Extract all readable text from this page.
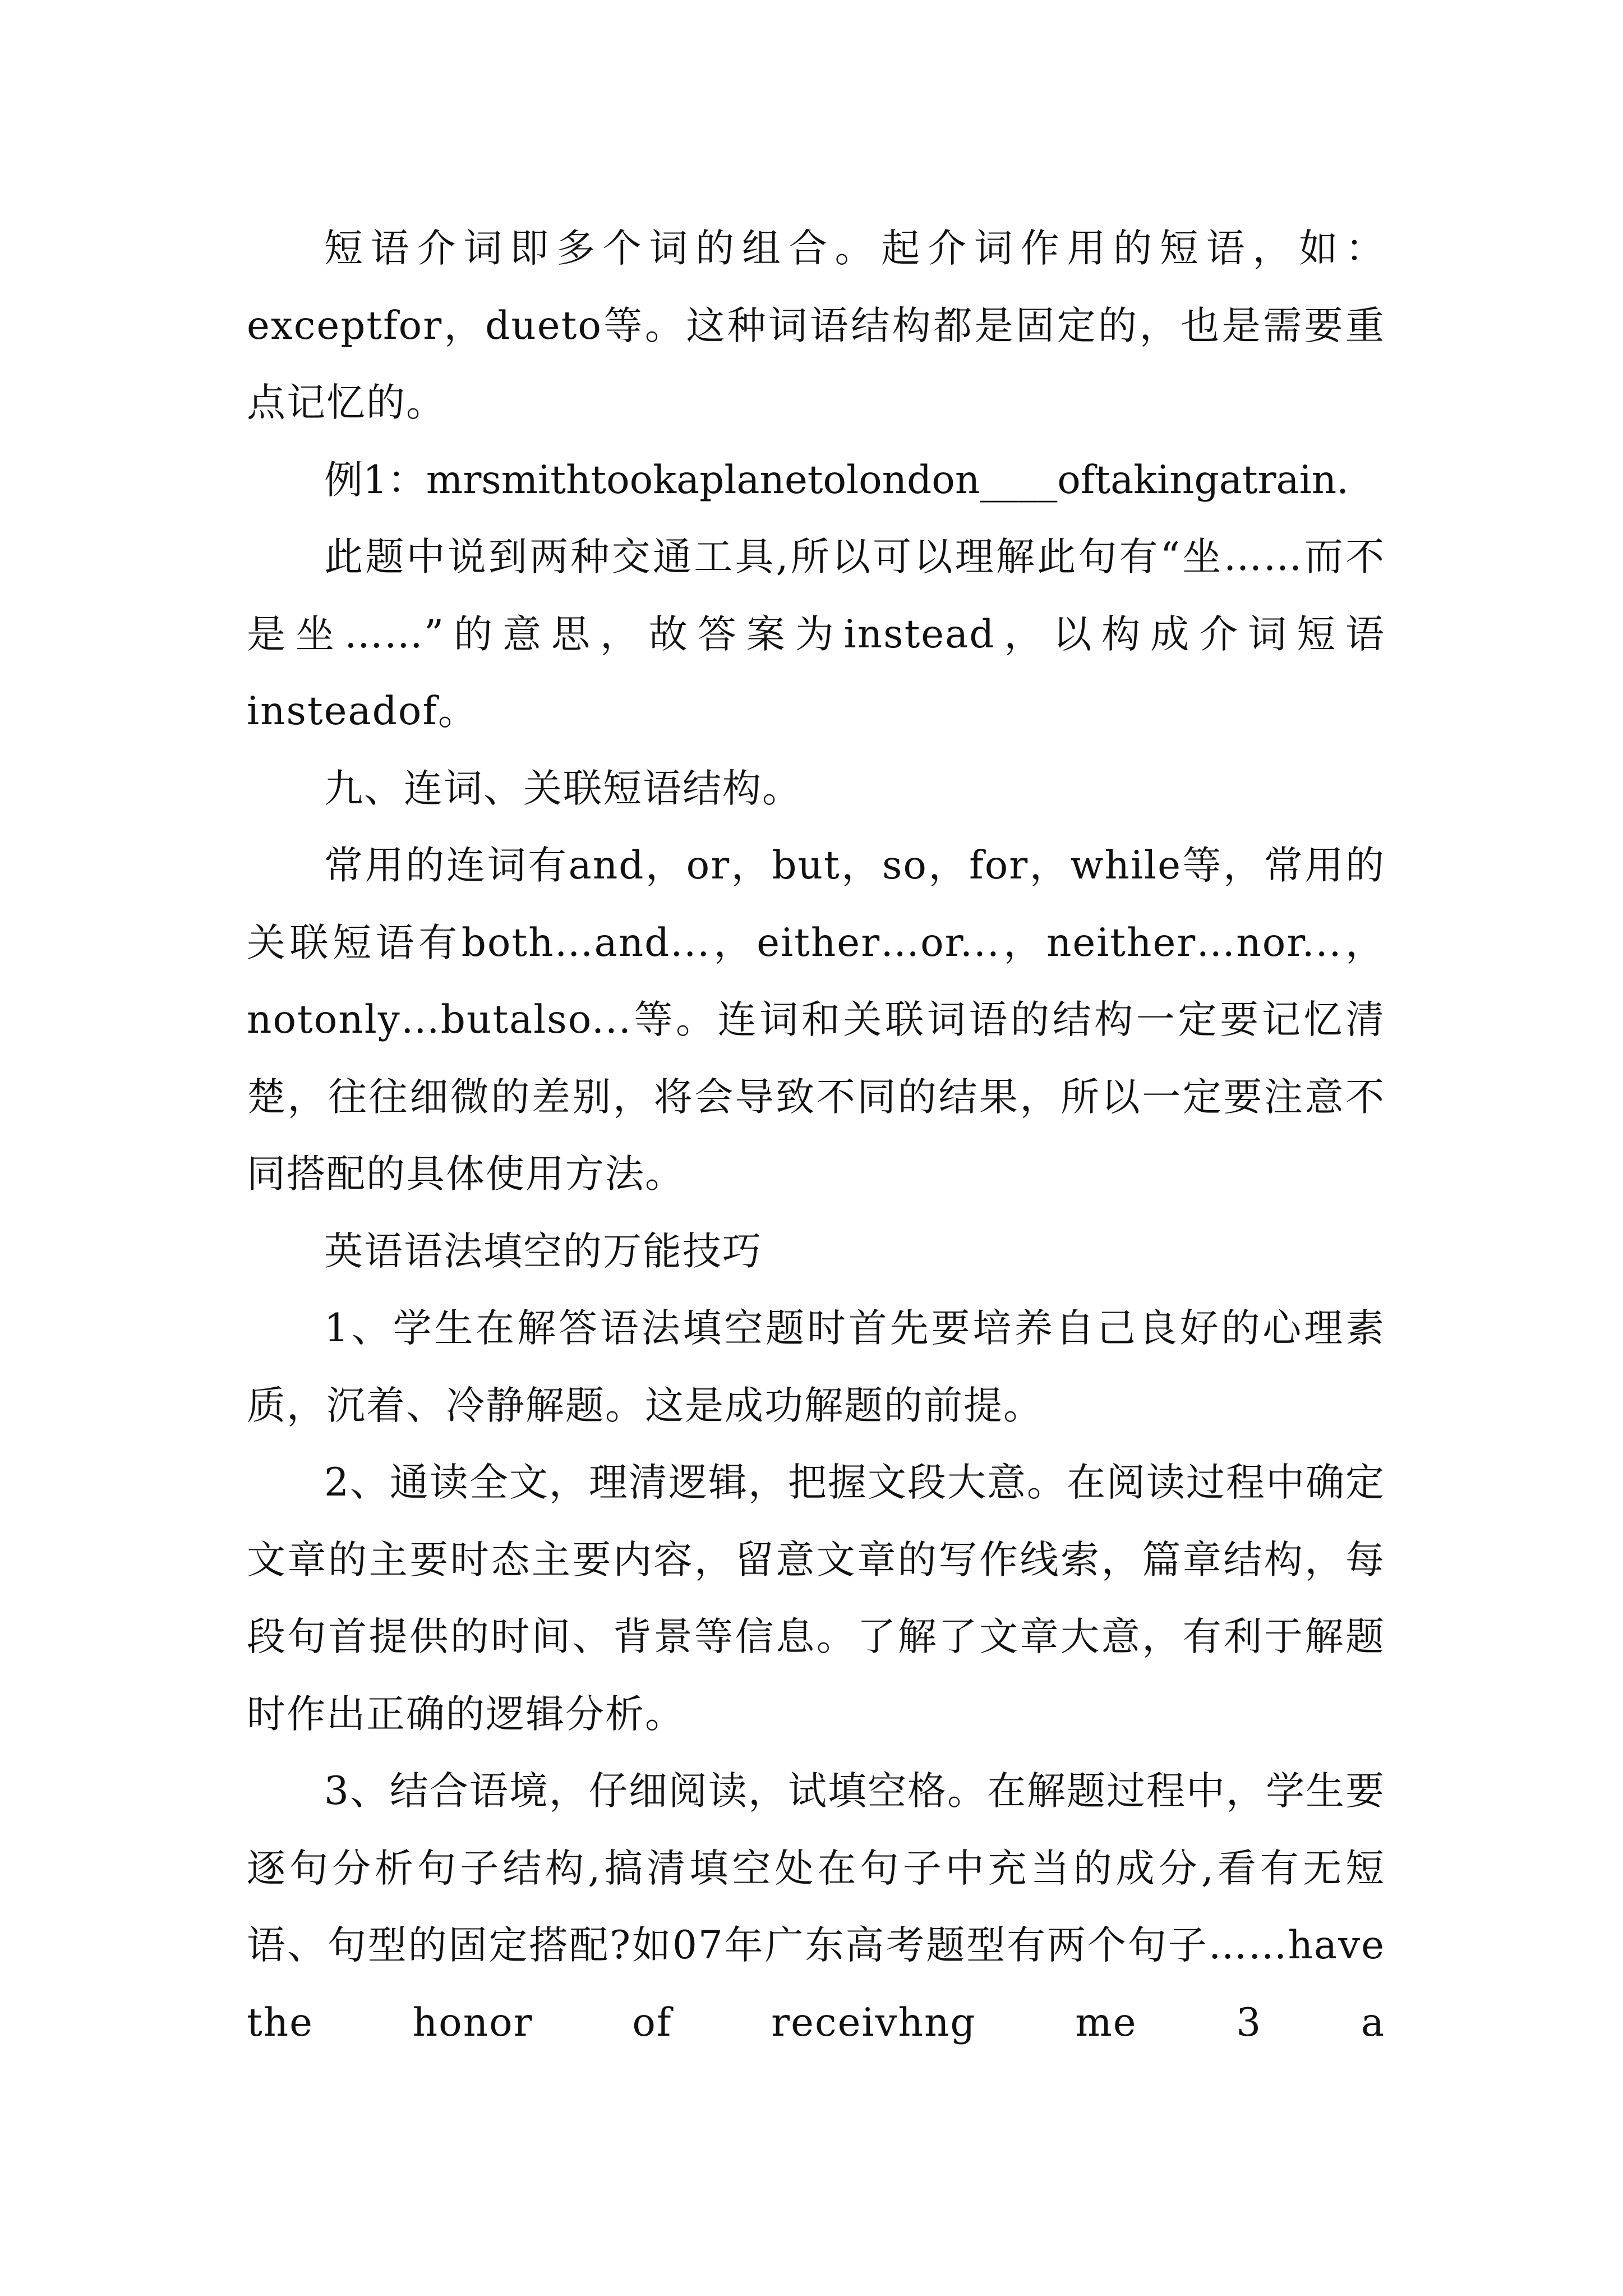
短语介词即多个词的组合。起介词作用的短语，如：exceptfor，dueto等。这种词语结构都是固定的，也是需要重点记忆的。

例1：mrsmithtookaplanetolondon____oftakingatrain.

此题中说到两种交通工具,所以可以理解此句有“坐……而不是坐……”的意思，故答案为instead，以构成介词短语insteadof。

九、连词、关联短语结构。

常用的连词有and，or，but，so，for，while等，常用的关联短语有both…and...，either…or...，neither…nor...，notonly…butalso...等。连词和关联词语的结构一定要记忆清楚，往往细微的差别，将会导致不同的结果，所以一定要注意不同搭配的具体使用方法。

英语语法填空的万能技巧

1、学生在解答语法填空题时首先要培养自己良好的心理素质，沉着、冷静解题。这是成功解题的前提。

2、通读全文，理清逻辑，把握文段大意。在阅读过程中确定文章的主要时态主要内容，留意文章的写作线索，篇章结构，每段句首提供的时间、背景等信息。了解了文章大意，有利于解题时作出正确的逻辑分析。

3、结合语境，仔细阅读，试填空格。在解题过程中，学生要逐句分析句子结构,搞清填空处在句子中充当的成分,看有无短语、句型的固定搭配?如07年广东高考题型有两个句子……have the honor of receivhng me 3 a
